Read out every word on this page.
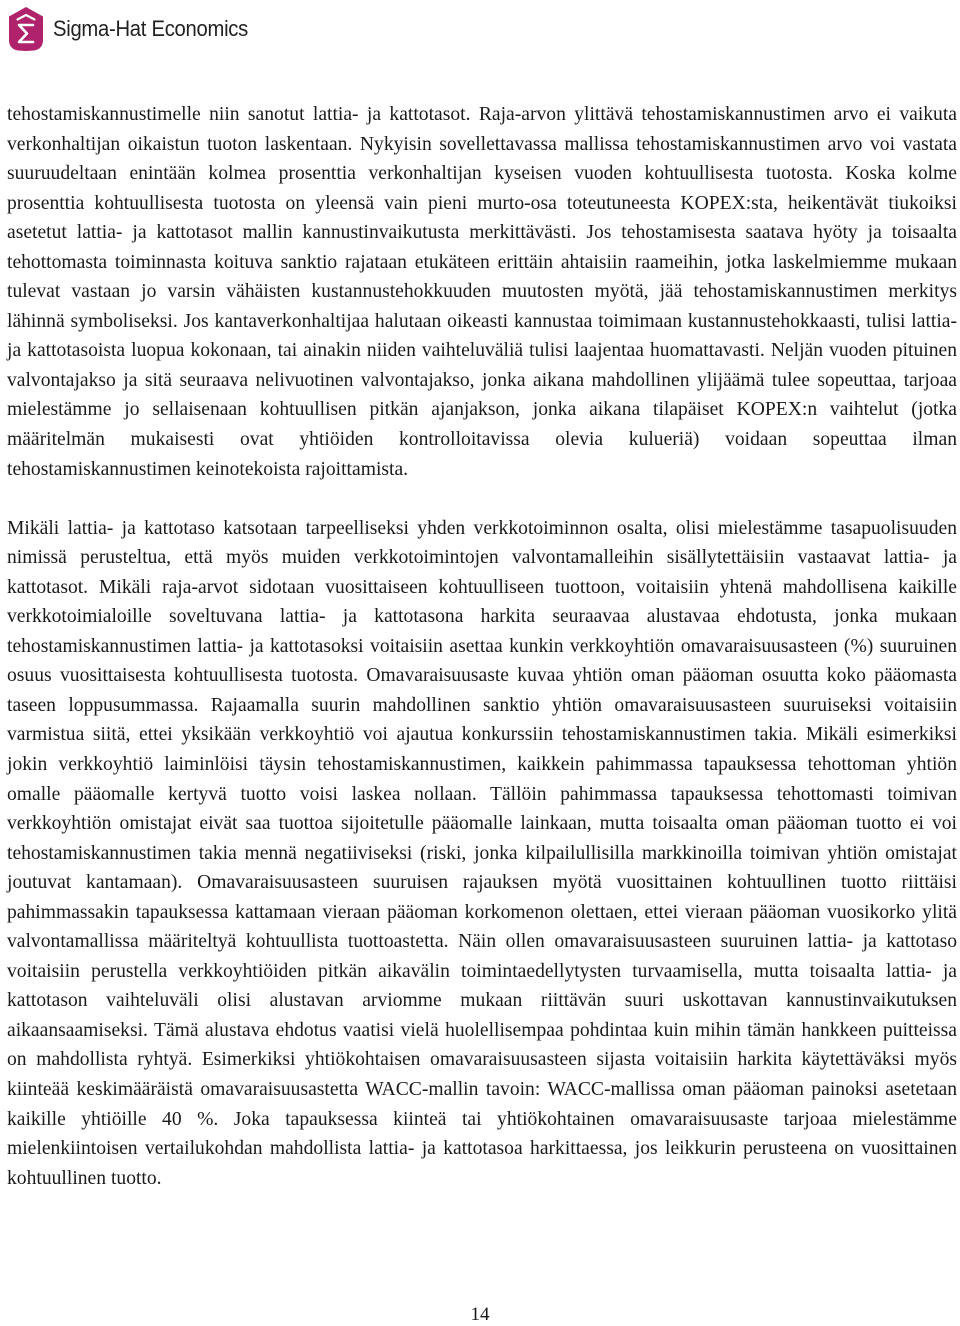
Sigma-Hat Economics

tehostamiskannustimelle niin sanotut lattia- ja kattotasot. Raja-arvon ylittävä tehostamiskannustimen arvo ei vaikuta verkonhaltijan oikaistun tuoton laskentaan. Nykyisin sovellettavassa mallissa tehostamiskannustimen arvo voi vastata suuruudeltaan enintään kolmea prosenttia verkonhaltijan kyseisen vuoden kohtuullisesta tuotosta. Koska kolme prosenttia kohtuullisesta tuotosta on yleensä vain pieni murto-osa toteutuneesta KOPEX:sta, heikentävät tiukoiksi asetetut lattia- ja kattotasot mallin kannustinvaikutusta merkittävästi. Jos tehostamisesta saatava hyöty ja toisaalta tehottomasta toiminnasta koituva sanktio rajataan etukäteen erittäin ahtaisiin raameihin, jotka laskelmiemme mukaan tulevat vastaan jo varsin vähäisten kustannustehokkuuden muutosten myötä, jää tehostamiskannustimen merkitys lähinnä symboliseksi. Jos kantaverkonhaltijaa halutaan oikeasti kannustaa toimimaan kustannustehokkaasti, tulisi lattia- ja kattotasoista luopua kokonaan, tai ainakin niiden vaihteluväliä tulisi laajentaa huomattavasti. Neljän vuoden pituinen valvontajakso ja sitä seuraava nelivuotinen valvontajakso, jonka aikana mahdollinen ylijäämä tulee sopeuttaa, tarjoaa mielestämme jo sellaisenaan kohtuullisen pitkän ajanjakson, jonka aikana tilapäiset KOPEX:n vaihtelut (jotka määritelmän mukaisesti ovat yhtiöiden kontrolloitavissa olevia kulueriä) voidaan sopeuttaa ilman tehostamiskannustimen keinotekoista rajoittamista.

Mikäli lattia- ja kattotaso katsotaan tarpeelliseksi yhden verkkotoiminnon osalta, olisi mielestämme tasapuolisuuden nimissä perusteltua, että myös muiden verkkotoimintojen valvontamalleihin sisällytettäisiin vastaavat lattia- ja kattotasot. Mikäli raja-arvot sidotaan vuosittaiseen kohtuulliseen tuottoon, voitaisiin yhtenä mahdollisena kaikille verkkotoimialoille soveltuvana lattia- ja kattotasona harkita seuraavaa alustavaa ehdotusta, jonka mukaan tehostamiskannustimen lattia- ja kattotasoksi voitaisiin asettaa kunkin verkkoyhtiön omavaraisuusasteen (%) suuruinen osuus vuosittaisesta kohtuullisesta tuotosta. Omavaraisuusaste kuvaa yhtiön oman pääoman osuutta koko pääomasta taseen loppusummassa. Rajaamalla suurin mahdollinen sanktio yhtiön omavaraisuusasteen suuruiseksi voitaisiin varmistua siitä, ettei yksikään verkkoyhtiö voi ajautua konkurssiin tehostamiskannustimen takia. Mikäli esimerkiksi jokin verkkoyhtiö laiminlöisi täysin tehostamiskannustimen, kaikkein pahimmassa tapauksessa tehottoman yhtiön omalle pääomalle kertyvä tuotto voisi laskea nollaan. Tällöin pahimmassa tapauksessa tehottomasti toimivan verkkoyhtiön omistajat eivät saa tuottoa sijoitetulle pääomalle lainkaan, mutta toisaalta oman pääoman tuotto ei voi tehostamiskannustimen takia mennä negatiiviseksi (riski, jonka kilpailullisilla markkinoilla toimivan yhtiön omistajat joutuvat kantamaan). Omavaraisuusasteen suuruisen rajauksen myötä vuosittainen kohtuullinen tuotto riittäisi pahimmassakin tapauksessa kattamaan vieraan pääoman korkomenon olettaen, ettei vieraan pääoman vuosikorko ylitä valvontamallissa määriteltyä kohtuullista tuottoastetta. Näin ollen omavaraisuusasteen suuruinen lattia- ja kattotaso voitaisiin perustella verkkoyhtiöiden pitkän aikavälin toimintaedellytysten turvaamisella, mutta toisaalta lattia- ja kattotason vaihteluväli olisi alustavan arviomme mukaan riittävän suuri uskottavan kannustinvaikutuksen aikaansaamiseksi. Tämä alustava ehdotus vaatisi vielä huolellisempaa pohdintaa kuin mihin tämän hankkeen puitteissa on mahdollista ryhtyä. Esimerkiksi yhtiökohtaisen omavaraisuusasteen sijasta voitaisiin harkita käytettäväksi myös kiinteää keskimääräistä omavaraisuusastetta WACC-mallin tavoin: WACC-mallissa oman pääoman painoksi asetetaan kaikille yhtiöille 40 %. Joka tapauksessa kiinteä tai yhtiökohtainen omavaraisuusaste tarjoaa mielestämme mielenkiintoisen vertailukohdan mahdollista lattia- ja kattotasoa harkittaessa, jos leikkurin perusteena on vuosittainen kohtuullinen tuotto.

14
